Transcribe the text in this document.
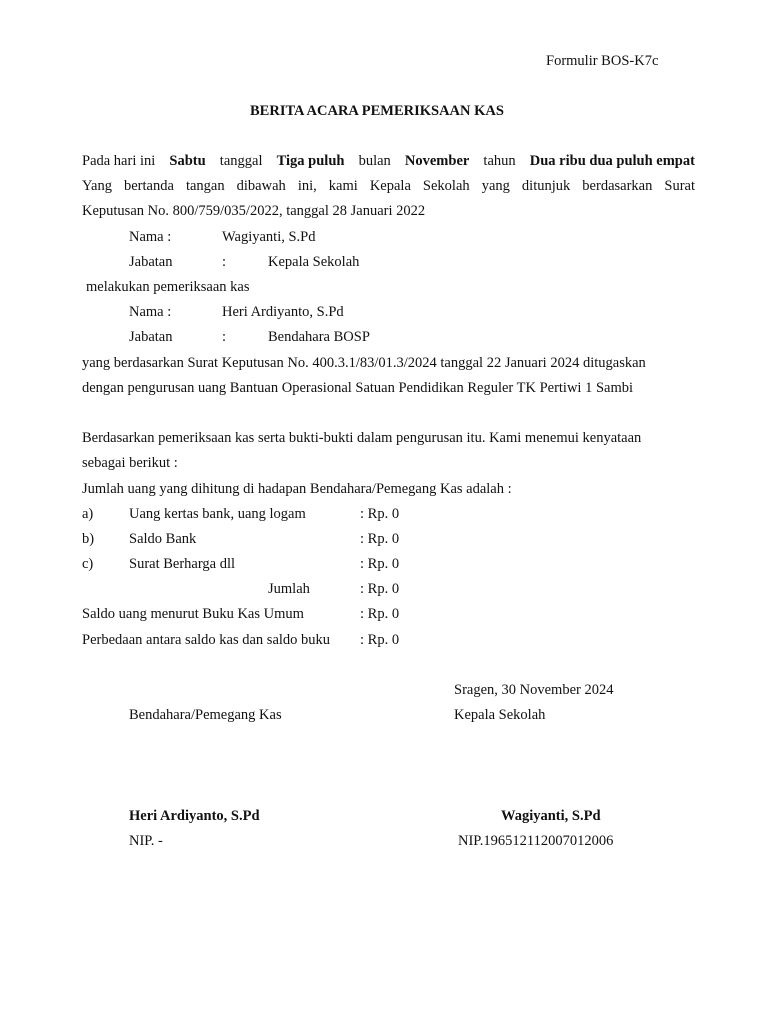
Formulir BOS-K7c
BERITA ACARA PEMERIKSAAN KAS
Pada hari ini Sabtu tanggal Tiga puluh bulan November tahun Dua ribu dua puluh empat
Yang bertanda tangan dibawah ini, kami Kepala Sekolah yang ditunjuk berdasarkan Surat
Keputusan No. 800/759/035/2022, tanggal 28 Januari 2022
Nama :	Wagiyanti, S.Pd
Jabatan	:	Kepala Sekolah
melakukan pemeriksaan kas
Nama :	Heri Ardiyanto, S.Pd
Jabatan	:	Bendahara BOSP
yang berdasarkan Surat Keputusan No. 400.3.1/83/01.3/2024 tanggal 22 Januari 2024 ditugaskan
dengan pengurusan uang Bantuan Operasional Satuan Pendidikan Reguler TK Pertiwi 1 Sambi
Berdasarkan pemeriksaan kas serta bukti-bukti dalam pengurusan itu. Kami menemui kenyataan
sebagai berikut :
Jumlah uang yang dihitung di hadapan Bendahara/Pemegang Kas adalah :
a) Uang kertas bank, uang logam	: Rp. 0
b) Saldo Bank	: Rp. 0
c) Surat Berharga dll	: Rp. 0
Jumlah	: Rp. 0
Saldo uang menurut Buku Kas Umum	: Rp. 0
Perbedaan antara saldo kas dan saldo buku : Rp. 0
Sragen, 30 November 2024
Bendahara/Pemegang Kas	Kepala Sekolah
Heri Ardiyanto, S.Pd	Wagiyanti, S.Pd
NIP. -	NIP.196512112007012006
